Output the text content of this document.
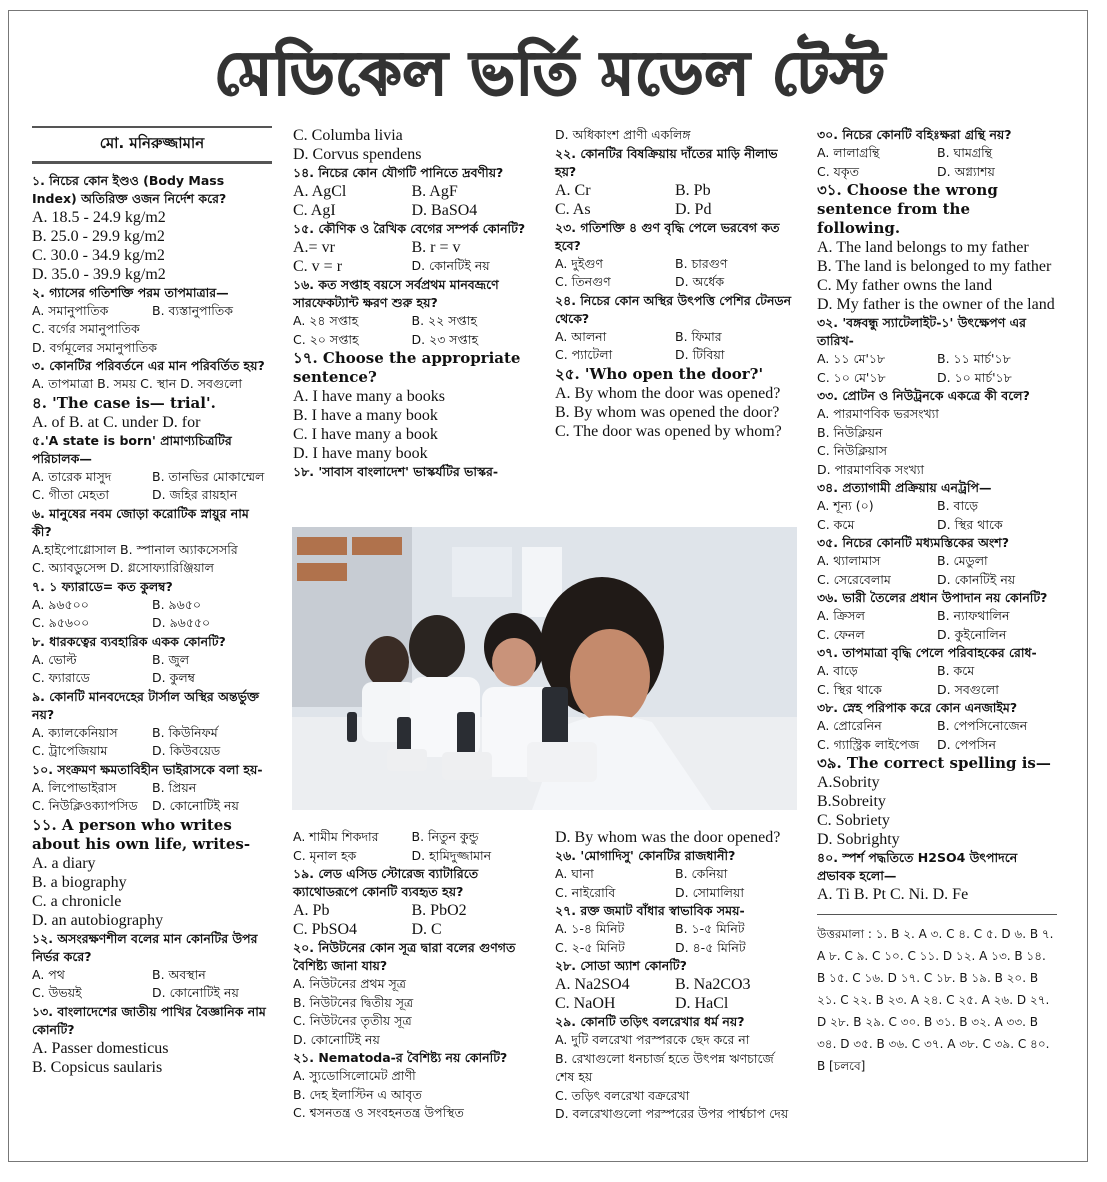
মেডিকেল ভর্তি মডেল টেস্ট
মো. মনিরুজ্জামান

১. নিচের কোন ইণ্ডও (Body Mass Index) অতিরিক্ত ওজন নির্দেশ করে?

A. 18.5 - 24.9 kg/m2

B. 25.0 - 29.9 kg/m2

C. 30.0 - 34.9 kg/m2

D. 35.0 - 39.9 kg/m2

২. গ্যাসের গতিশক্তি পরম তাপমাত্রার—

A. সমানুপাতিক	B. ব্যস্তানুপাতিক

C. বর্গের সমানুপাতিক

D. বর্গমূলের সমানুপাতিক

৩. কোনটির পরিবর্তনে এর মান পরিবর্তিত হয়?

A. তাপমাত্রা B. সময় C. স্থান D. সবগুলো

৪. 'The case is— trial'.

A. of B. at C. under D. for

৫.'A state is born' প্রামাণ্যচিত্রটির পরিচালক—

A. তারেক মাসুদ	B. তানভির মোকাম্মেল
C. গীতা মেহতা	D. জহির রায়হান

৬. মানুষের নবম জোড়া করোটিক স্নায়ুর নাম কী?

A.হাইপোগ্লোসাল B. স্পানাল অ্যাকসেসরি

C. অ্যাবডুসেন্স D. গ্লসোফ্যারিঞ্জিয়াল

৭. ১ ফ্যারাডে= কত কুলম্ব?

A. ৯৬৫০০	B. ৯৬৫০
C. ৯৫৬০০	D. ৯৬৫৫০

৮. ধারকত্বের ব্যবহারিক একক কোনটি?

A. ভোল্ট	B. জুল
C. ফ্যারাডে	D. কুলম্ব

৯. কোনটি মানবদেহের টার্সাল অস্থির অন্তর্ভুক্ত নয়?

A. ক্যালকেনিয়াস	B. কিউনিফর্ম
C. ট্রাপেজিয়াম	D. কিউবয়েড

১০. সংক্রমণ ক্ষমতাবিহীন ভাইরাসকে বলা হয়-

A. লিপোভাইরাস	B. প্রিয়ন
C. নিউক্লিওক্যাপসিড	D. কোনোটিই নয়

১১. A person who writes about his own life, writes-

A. a diary

B. a biography

C. a chronicle

D. an autobiography

১২. অসংরক্ষণশীল বলের মান কোনটির উপর নির্ভর করে?

A. পথ	B. অবস্থান
C. উভয়ই	D. কোনোটিই নয়

১৩. বাংলাদেশের জাতীয় পাখির বৈজ্ঞানিক নাম কোনটি?

A. Passer domesticus

B. Copsicus saularis

C. Columba livia

D. Corvus spendens

১৪. নিচের কোন যৌগটি পানিতে দ্রবণীয়?

A. AgCl	B. AgF
C. AgI	D. BaSO4

১৫. কৌণিক ও রৈখিক বেগের সম্পর্ক কোনটি?

A.= vr	B. r = v
C. v = r	D. কোনটিই নয়

১৬. কত সপ্তাহ বয়সে সর্বপ্রথম মানবভ্রূণে সারফেকট্যান্ট ক্ষরণ শুরু হয়?

A. ২৪ সপ্তাহ	B. ২২ সপ্তাহ
C. ২০ সপ্তাহ	D. ২৩ সপ্তাহ

১৭. Choose the appropriate sentence?

A. I have many a books

B. I have a many book

C. I have many a book

D. I have many book

১৮. 'সাবাস বাংলাদেশ' ভাস্কর্যটির ভাস্কর-

D. অধিকাংশ প্রাণী একলিঙ্গ

২২. কোনটির বিষক্রিয়ায় দাঁতের মাড়ি নীলাভ হয়?

A. Cr	B. Pb
C. As	D. Pd

২৩. গতিশক্তি ৪ গুণ বৃদ্ধি পেলে ভরবেগ কত হবে?

A. দুইগুণ	B. চারগুণ
C. তিনগুণ	D. অর্ধেক

২৪. নিচের কোন অস্থির উৎপত্তি পেশির টেনডন থেকে?

A. আলনা	B. ফিমার
C. প্যাটেলা	D. টিবিয়া

২৫. 'Who open the door?'

A. By whom the door was opened?

B. By whom was opened the door?

C. The door was opened by whom?

৩০. নিচের কোনটি বহিঃক্ষরা গ্রন্থি নয়?

A. লালাগ্রন্থি	B. ঘামগ্রন্থি
C. যকৃত	D. অগ্ন্যাশয়

৩১. Choose the wrong sentence from the following.

A. The land belongs to my father

B. The land is belonged to my father

C. My father owns the land

D. My father is the owner of the land

৩২. 'বঙ্গবন্ধু স্যাটেলাইট-১' উৎক্ষেপণ এর তারিখ-

A. ১১ মে'১৮	B. ১১ মার্চ'১৮
C. ১০ মে'১৮	D. ১০ মার্চ'১৮

৩৩. প্রোটন ও নিউট্রনকে একত্রে কী বলে?

A. পারমাণবিক ভরসংখ্যা

B. নিউক্লিয়ন

C. নিউক্লিয়াস

D. পারমাণবিক সংখ্যা

৩৪. প্রত্যাগামী প্রক্রিয়ায় এনট্রপি—

A. শূন্য (০)	B. বাড়ে
C. কমে	D. স্থির থাকে

৩৫. নিচের কোনটি মধ্যমস্তিকের অংশ?

A. থ্যালামাস	B. মেডুলা
C. সেরেবেলাম	D. কোনটিই নয়

৩৬. ভারী তৈলের প্রধান উপাদান নয় কোনটি?

A. ক্রিসল	B. ন্যাফথালিন
C. ফেনল	D. কুইনোলিন

৩৭. তাপমাত্রা বৃদ্ধি পেলে পরিবাহকের রোধ-

A. বাড়ে	B. কমে
C. স্থির থাকে	D. সবগুলো

৩৮. স্নেহ পরিপাক করে কোন এনজাইম?

A. প্রোরেনিন	B. পেপসিনোজেন
C. গ্যাস্ট্রিক লাইপেজ	D. পেপসিন

৩৯. The correct spelling is—

A.Sobrity

B.Sobreity

C. Sobriety

D. Sobrighty

৪০. স্পর্শ পদ্ধতিতে H2SO4 উৎপাদনে প্রভাবক হলো—

A. Ti B. Pt C. Ni. D. Fe

উত্তরমালা : ১. B ২. A ৩. C ৪. C ৫. D ৬. B ৭. A ৮. C ৯. C ১০. C ১১. D ১২. A ১৩. B ১৪. B ১৫. C ১৬. D ১৭. C ১৮. B ১৯. B ২০. B ২১. C ২২. B ২৩. A ২৪. C ২৫. A ২৬. D ২৭. D ২৮. B ২৯. C ৩০. B ৩১. B ৩২. A ৩৩. B ৩৪. D ৩৫. B ৩৬. C ৩৭. A ৩৮. C ৩৯. C ৪০. B [চলবে]
A. শামীম শিকদার	B. নিতুন কুন্ডু
C. মৃনাল হক	D. হামিদুজ্জামান

১৯. লেড এসিড স্টোরেজ ব্যাটারিতে ক্যাথোডরূপে কোনটি ব্যবহৃত হয়?

A. Pb	B. PbO2
C. PbSO4	D. C

২০. নিউটনের কোন সূত্র দ্বারা বলের গুণগত বৈশিষ্ট্য জানা যায়?

A. নিউটনের প্রথম সূত্র

B. নিউটনের দ্বিতীয় সূত্র

C. নিউটনের তৃতীয় সূত্র

D. কোনোটিই নয়

২১. Nematoda-র বৈশিষ্ট্য নয় কোনটি?

A. স্যুডোসিলোমেট প্রাণী

B. দেহ ইলাস্টিন এ আবৃত

C. শ্বসনতন্ত্র ও সংবহনতন্ত্র উপস্থিত

D. By whom was the door opened?

২৬. 'মোগাদিসু' কোনটির রাজধানী?

A. ঘানা	B. কেনিয়া
C. নাইরোবি	D. সোমালিয়া

২৭. রক্ত জমাট বাঁধার স্বাভাবিক সময়-

A. ১-৪ মিনিট	B. ১-৫ মিনিট
C. ২-৫ মিনিট	D. ৪-৫ মিনিট

২৮. সোডা অ্যাশ কোনটি?

A. Na2SO4	B. Na2CO3
C. NaOH	D. HaCl

২৯. কোনটি তড়িৎ বলরেখার ধর্ম নয়?

A. দুটি বলরেখা পরস্পরকে ছেদ করে না

B. রেখাগুলো ধনচার্জ হতে উৎপন্ন ঋণচার্জে শেষ হয়

C. তড়িৎ বলরেখা বক্ররেখা

D. বলরেখাগুলো পরস্পরের উপর পার্শ্বচাপ দেয়
